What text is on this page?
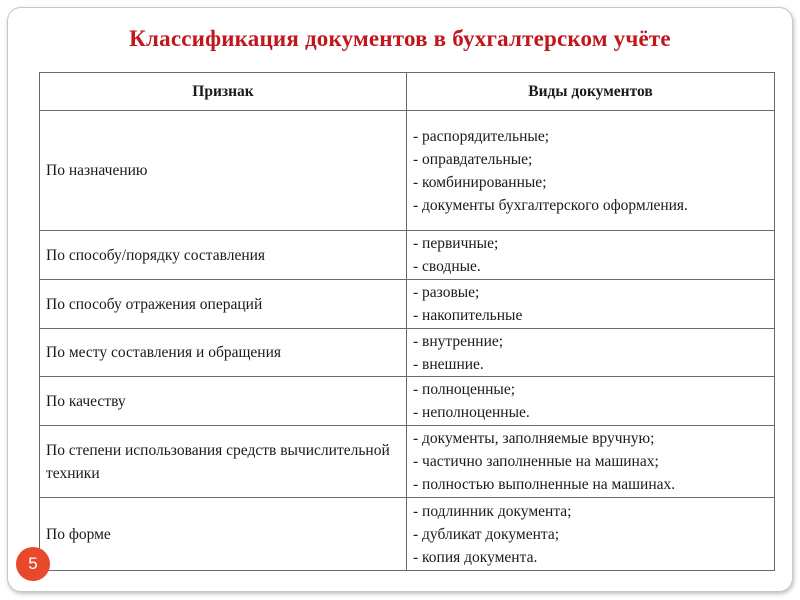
Классификация документов в бухгалтерском учёте
Признак	Виды документов
По назначению	- распорядительные;
- оправдательные;
- комбинированные;
- документы бухгалтерского оформления.

По способу/порядку составления	- первичные;
- сводные.

По способу отражения операций	- разовые;
- накопительные

По месту составления и обращения	- внутренние;
- внешние.

По качеству	- полноценные;
- неполноценные.

По степени использования средств вычислительной техники	- документы, заполняемые вручную;
- частично заполненные на машинах;
- полностью выполненные на машинах.

По форме	- подлинник документа;
- дубликат документа;
- копия документа.
5
